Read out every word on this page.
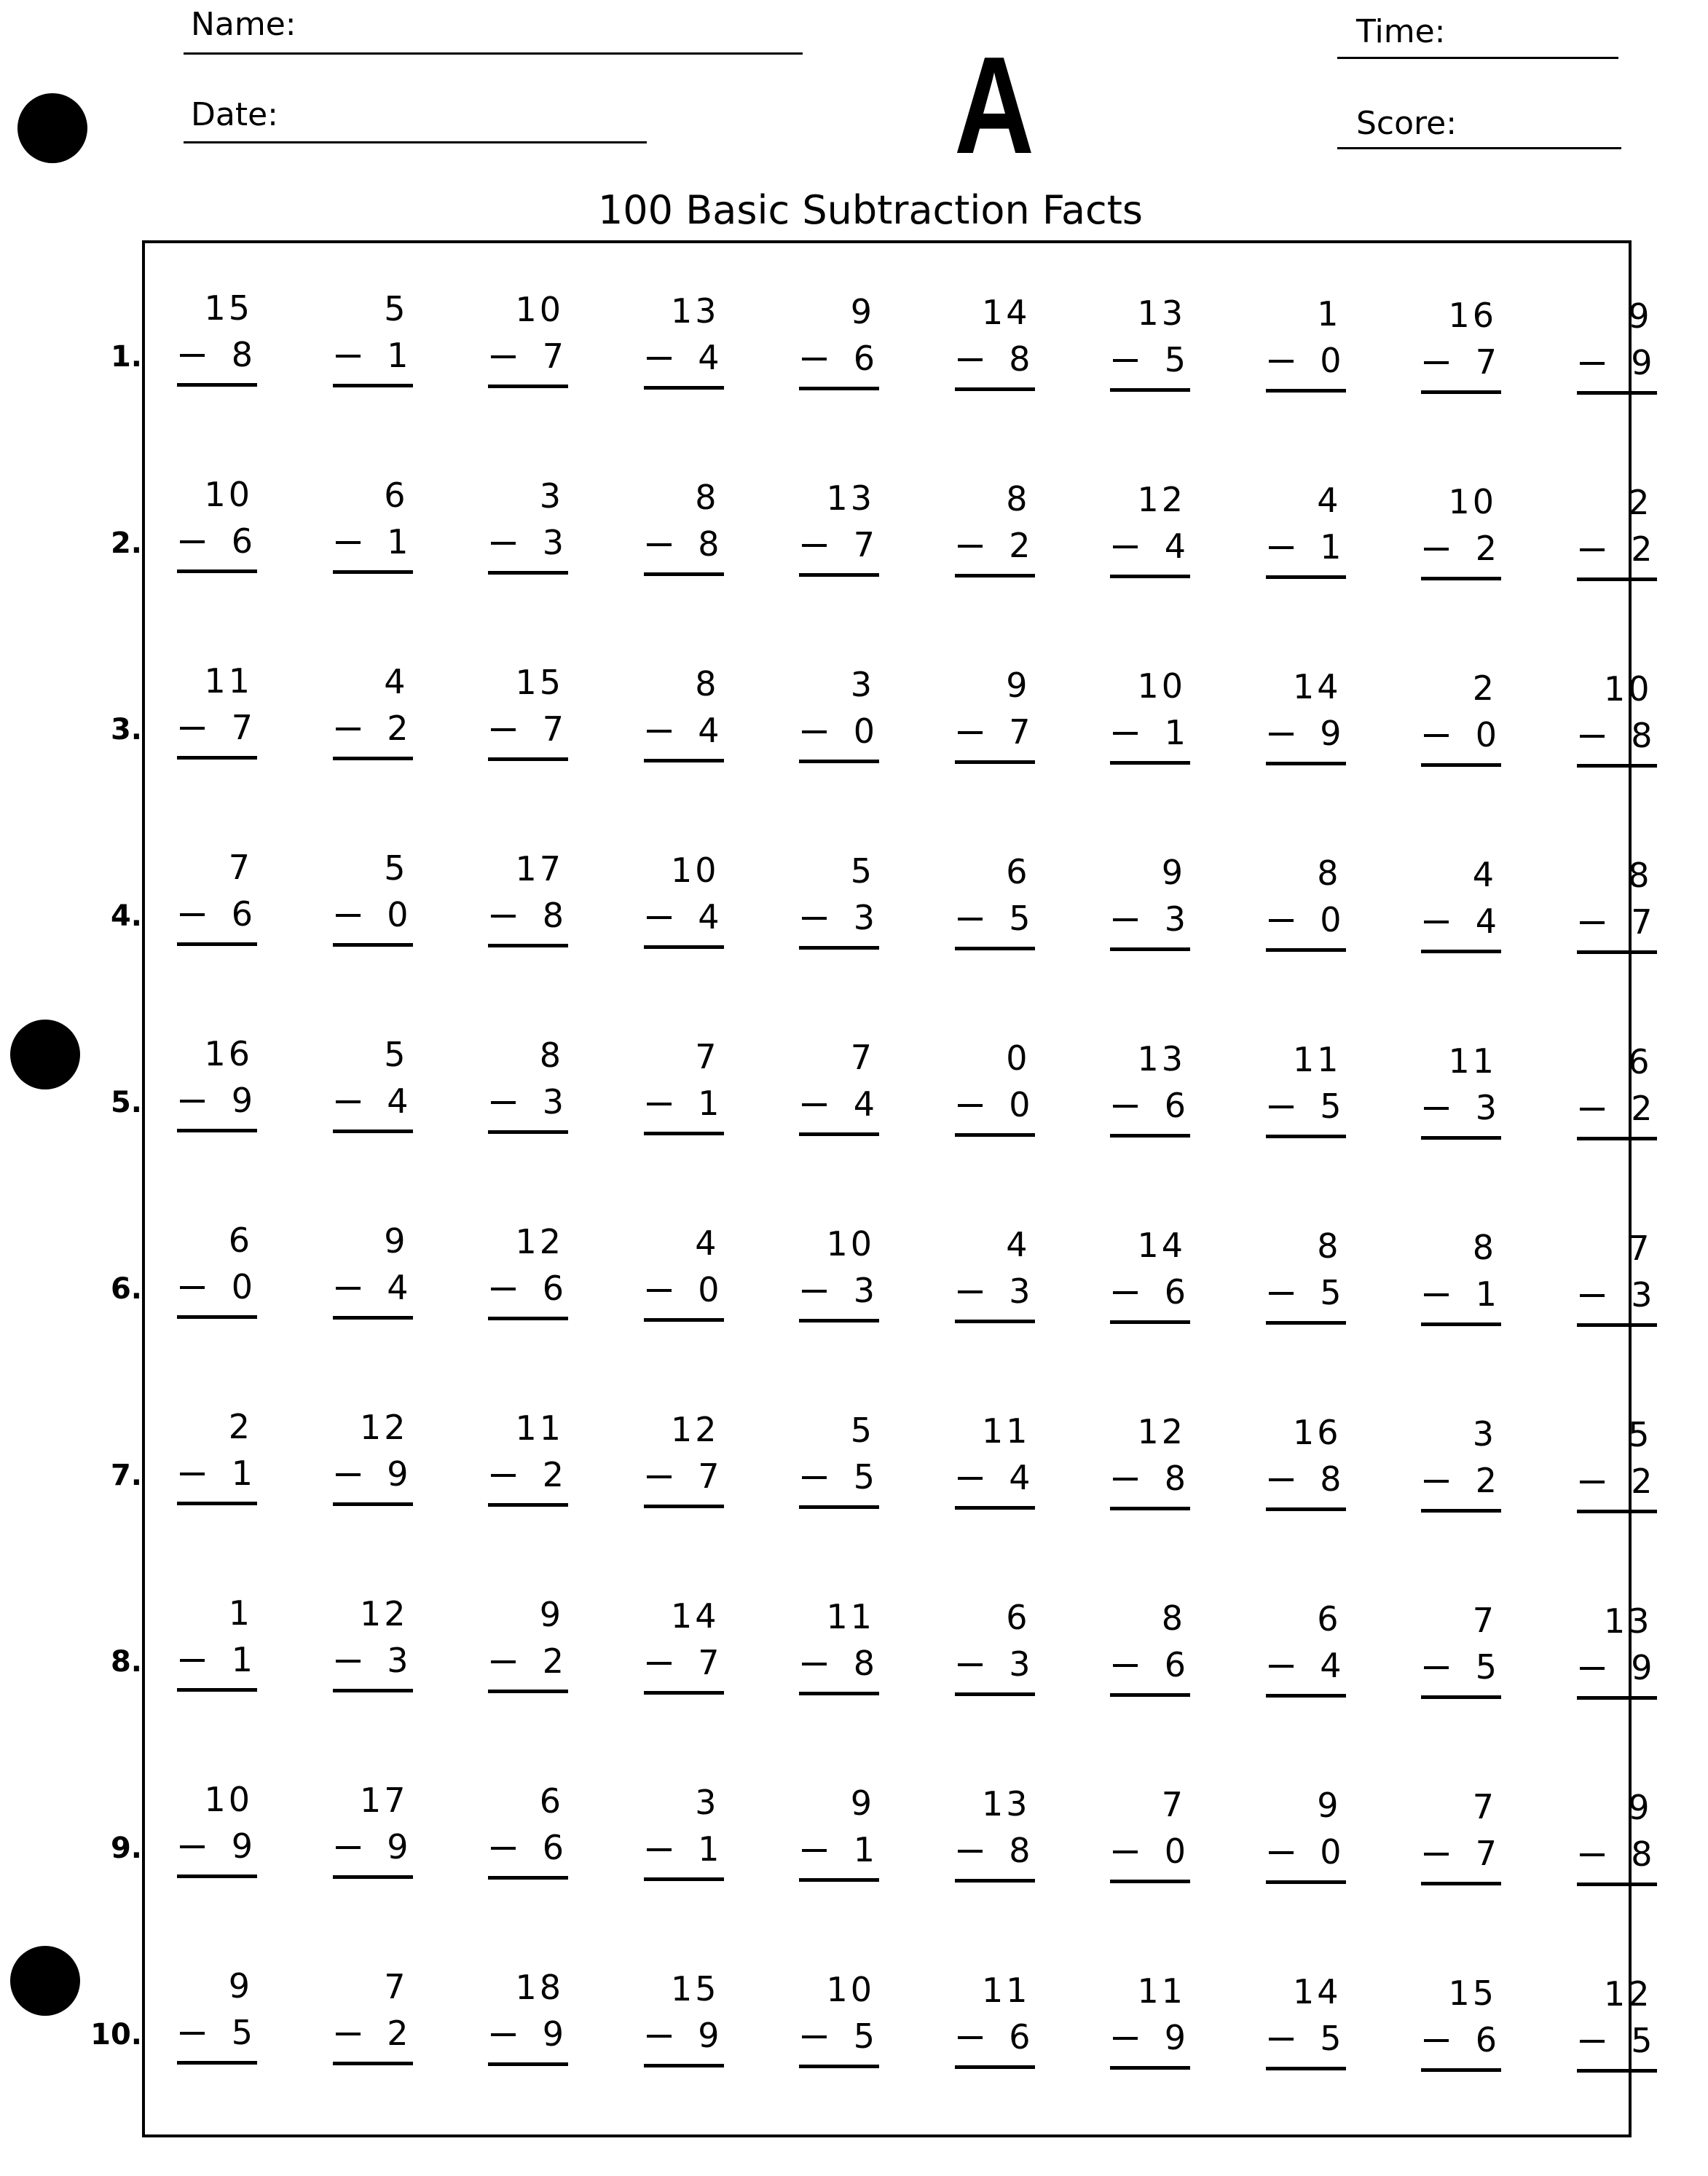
Name:
Date:
Time:
Score:
A
100 Basic Subtraction Facts
1.
15
8
5
1
10
7
13
4
9
6
14
8
13
5
1
0
16
7
9
9
2.
10
6
6
1
3
3
8
8
13
7
8
2
12
4
4
1
10
2
2
2
3.
11
7
4
2
15
7
8
4
3
0
9
7
10
1
14
9
2
0
10
8
4.
7
6
5
0
17
8
10
4
5
3
6
5
9
3
8
0
4
4
8
7
5.
16
9
5
4
8
3
7
1
7
4
0
0
13
6
11
5
11
3
6
2
6.
6
0
9
4
12
6
4
0
10
3
4
3
14
6
8
5
8
1
7
3
7.
2
1
12
9
11
2
12
7
5
5
11
4
12
8
16
8
3
2
5
2
8.
1
1
12
3
9
2
14
7
11
8
6
3
8
6
6
4
7
5
13
9
9.
10
9
17
9
6
6
3
1
9
1
13
8
7
0
9
0
7
7
9
8
10.
9
5
7
2
18
9
15
9
10
5
11
6
11
9
14
5
15
6
12
5
